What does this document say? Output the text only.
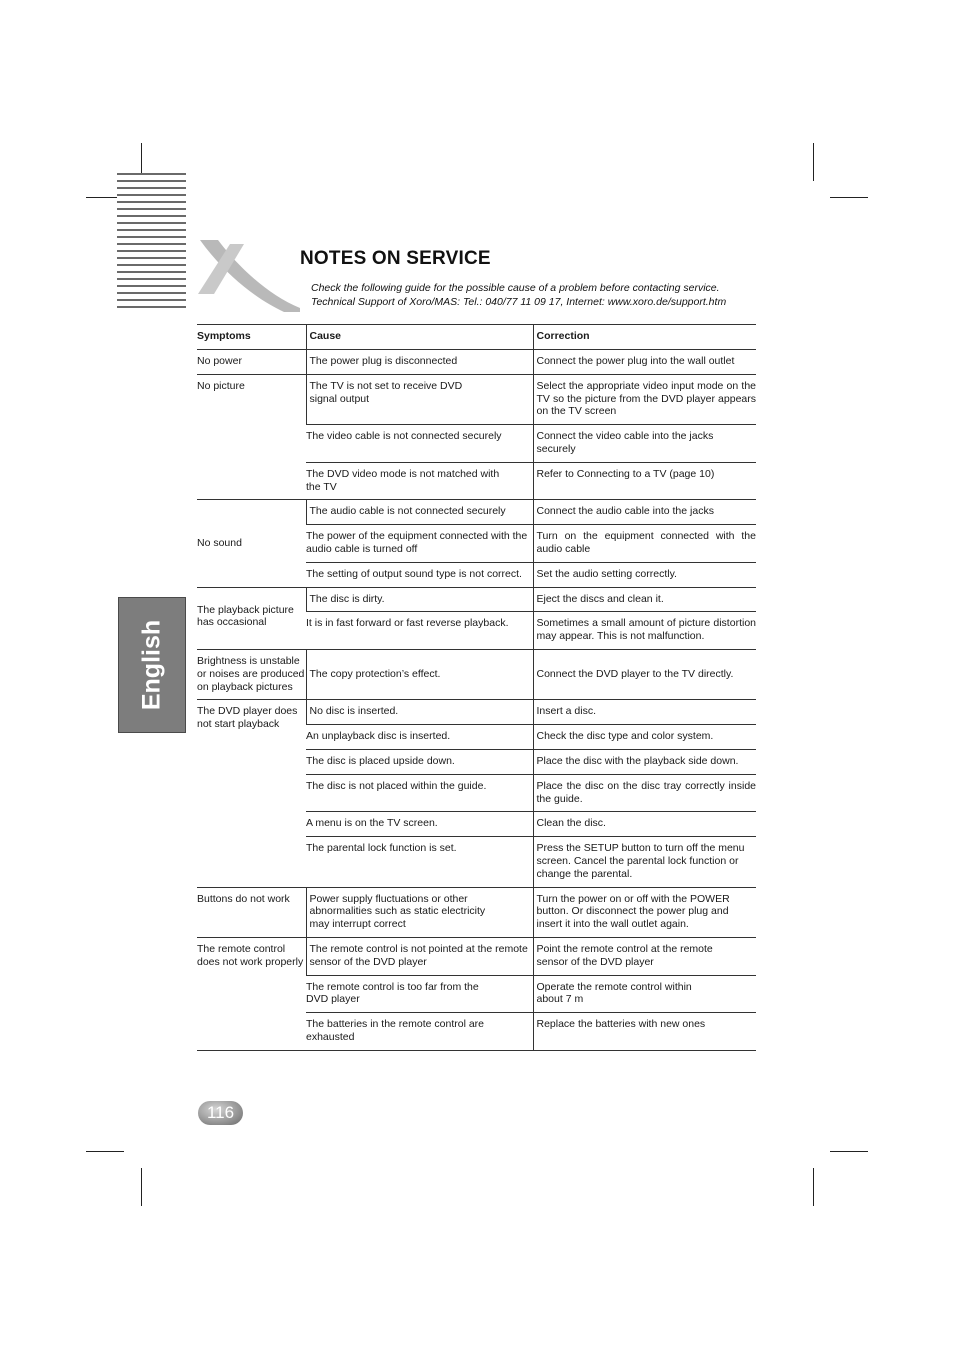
NOTES ON SERVICE
Check the following guide for the possible cause of a problem before contacting service.
Technical Support of Xoro/MAS: Tel.: 040/77 11 09 17, Internet: www.xoro.de/support.htm
English
Symptoms	Cause	Correction
No power	The power plug is disconnected	Connect the power plug into the wall outlet
No picture	The TV is not set to receive DVD signal output	Select the appropriate video input mode on the TV so the picture from the DVD player appears on the TV screen
	The video cable is not connected securely	Connect the video cable into the jacks securely
	The DVD video mode is not matched with the TV	Refer to Connecting to a TV (page 10)
No sound	The audio cable is not connected securely	Connect the audio cable into the jacks
	The power of the equipment connected with the audio cable is turned off	Turn on the equipment connected with the audio cable
	The setting of output sound type is not correct.	Set the audio setting correctly.
The playback picture has occasional	The disc is dirty.	Eject the discs and clean it.
	It is in fast forward or fast reverse playback.	Sometimes a small amount of picture distortion may appear. This is not malfunction.
Brightness is unstable or noises are produced on playback pictures	The copy protection’s effect.	Connect the DVD player to the TV directly.
The DVD player does not start playback	No disc is inserted.	Insert a disc.
	An unplayback disc is inserted.	Check the disc type and color system.
	The disc is placed upside down.	Place the disc with the playback side down.
	The disc is not placed within the guide.	Place the disc on the disc tray correctly inside the guide.
	A menu is on the TV screen.	Clean the disc.
	The parental lock function is set.	Press the SETUP button to turn off the menu screen. Cancel the parental lock function or change the parental.
Buttons do not work	Power supply fluctuations or other abnormalities such as static electricity may interrupt correct	Turn the power on or off with the POWER button. Or disconnect the power plug and insert it into the wall outlet again.
The remote control does not work properly	The remote control is not pointed at the remote sensor of the DVD player	Point the remote control at the remote sensor of the DVD player
	The remote control is too far from the DVD player	Operate the remote control within about 7 m
	The batteries in the remote control are exhausted	Replace the batteries with new ones
116
